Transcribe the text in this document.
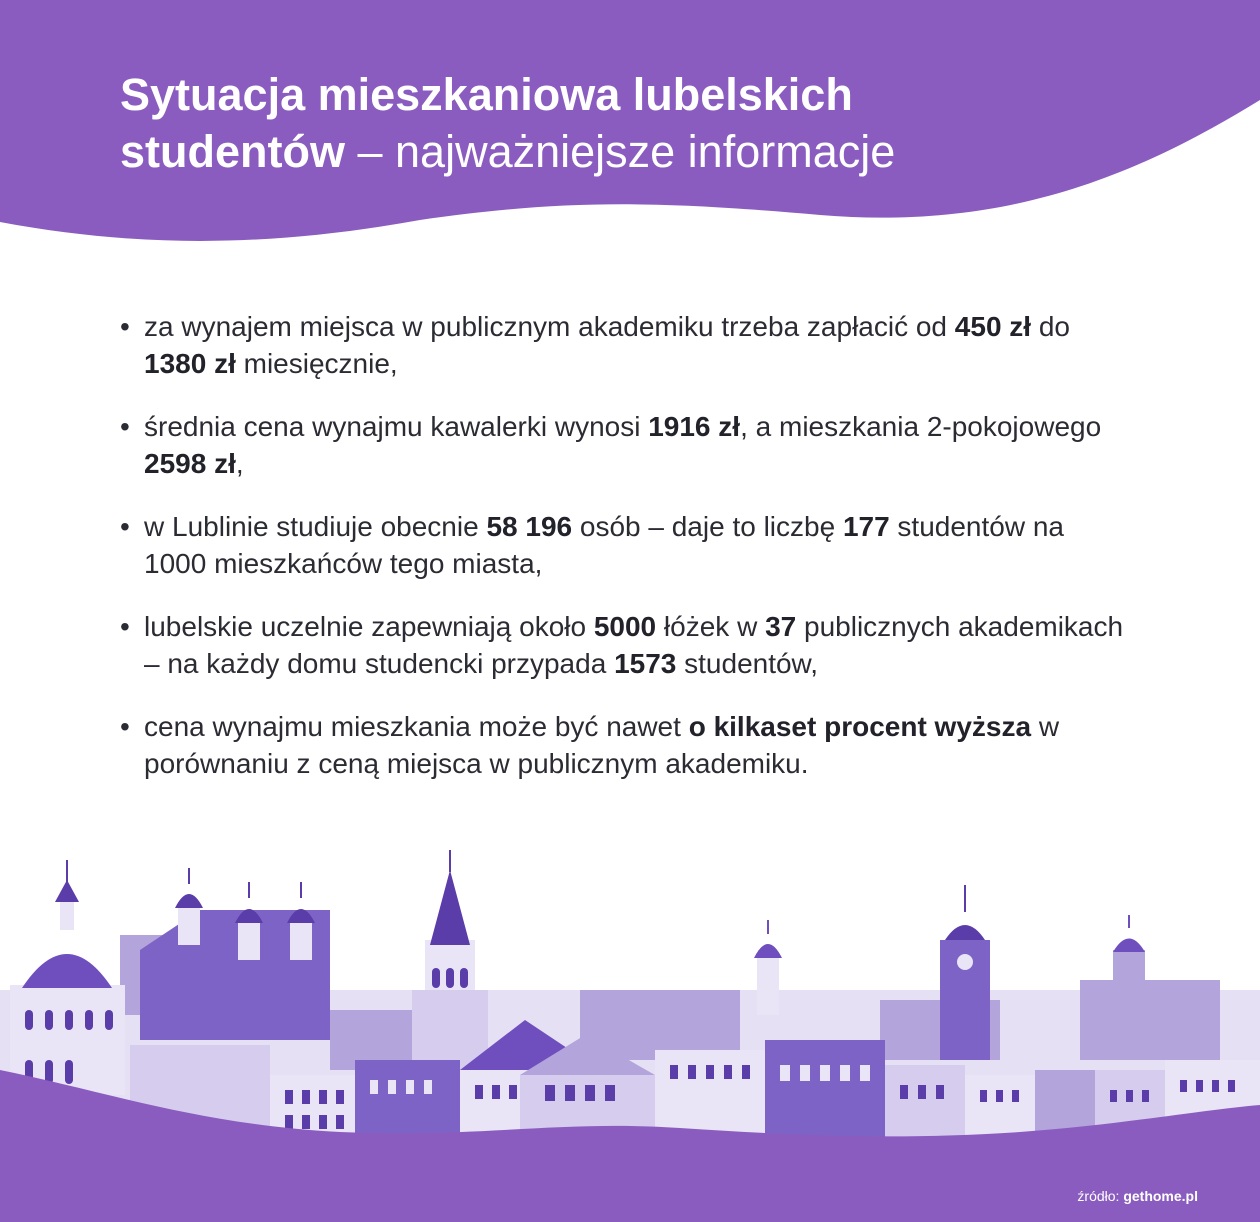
Sytuacja mieszkaniowa lubelskich
studentów – najważniejsze informacje
• za wynajem miejsca w publicznym akademiku trzeba zapłacić od 450 zł do 1380 zł miesięcznie,
• średnia cena wynajmu kawalerki wynosi 1916 zł, a mieszkania 2-pokojowego 2598 zł,
• w Lublinie studiuje obecnie 58 196 osób – daje to liczbę 177 studentów na 1000 mieszkańców tego miasta,
• lubelskie uczelnie zapewniają około 5000 łóżek w 37 publicznych akademikach – na każdy domu studencki przypada 1573 studentów,
• cena wynajmu mieszkania może być nawet o kilkaset procent wyższa w porównaniu z ceną miejsca w publicznym akademiku.
źródło: gethome.pl
